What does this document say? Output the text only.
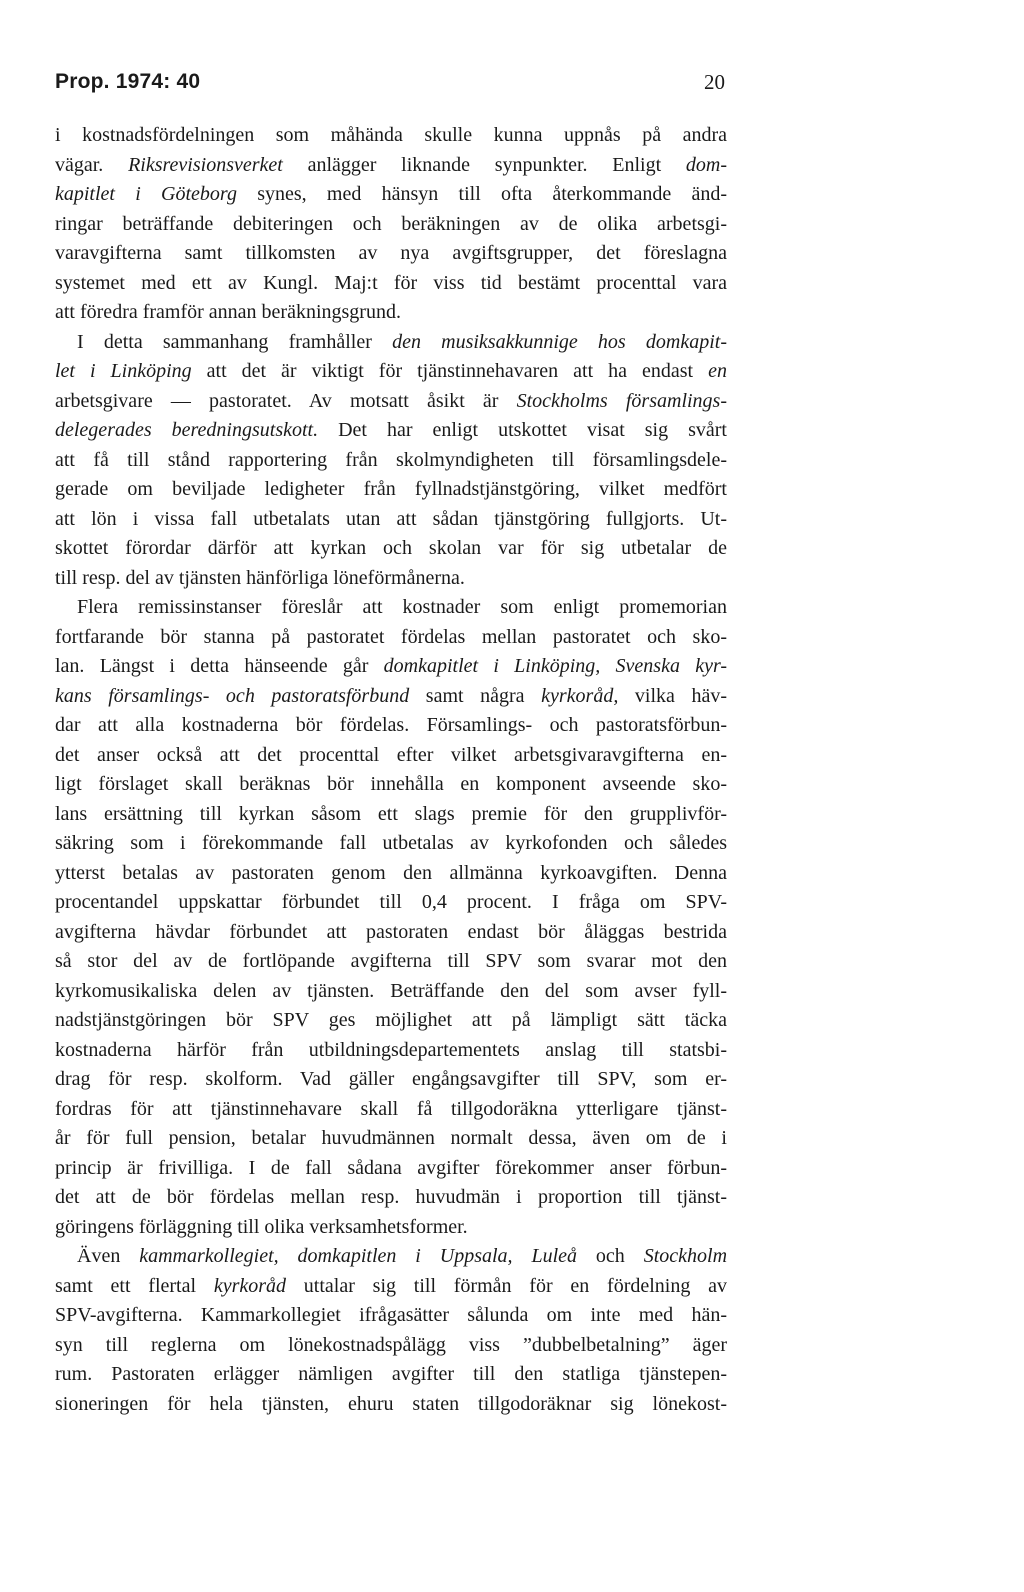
Prop. 1974: 40	20
i kostnadsfördelningen som måhända skulle kunna uppnås på andra
vägar. Riksrevisionsverket anlägger liknande synpunkter. Enligt dom-
kapitlet i Göteborg synes, med hänsyn till ofta återkommande änd-
ringar beträffande debiteringen och beräkningen av de olika arbetsgi-
varavgifterna samt tillkomsten av nya avgiftsgrupper, det föreslagna
systemet med ett av Kungl. Maj:t för viss tid bestämt procenttal vara
att föredra framför annan beräkningsgrund.
I detta sammanhang framhåller den musiksakkunnige hos domkapit-
let i Linköping att det är viktigt för tjänstinnehavaren att ha endast en
arbetsgivare — pastoratet. Av motsatt åsikt är Stockholms församlings-
delegerades beredningsutskott. Det har enligt utskottet visat sig svårt
att få till stånd rapportering från skolmyndigheten till församlingsdele-
gerade om beviljade ledigheter från fyllnadstjänstgöring, vilket medfört
att lön i vissa fall utbetalats utan att sådan tjänstgöring fullgjorts. Ut-
skottet förordar därför att kyrkan och skolan var för sig utbetalar de
till resp. del av tjänsten hänförliga löneförmånerna.
Flera remissinstanser föreslår att kostnader som enligt promemorian
fortfarande bör stanna på pastoratet fördelas mellan pastoratet och sko-
lan. Längst i detta hänseende går domkapitlet i Linköping, Svenska kyr-
kans församlings- och pastoratsförbund samt några kyrkoråd, vilka häv-
dar att alla kostnaderna bör fördelas. Församlings- och pastoratsförbun-
det anser också att det procenttal efter vilket arbetsgivaravgifterna en-
ligt förslaget skall beräknas bör innehålla en komponent avseende sko-
lans ersättning till kyrkan såsom ett slags premie för den grupplivför-
säkring som i förekommande fall utbetalas av kyrkofonden och således
ytterst betalas av pastoraten genom den allmänna kyrkoavgiften. Denna
procentandel uppskattar förbundet till 0,4 procent. I fråga om SPV-
avgifterna hävdar förbundet att pastoraten endast bör åläggas bestrida
så stor del av de fortlöpande avgifterna till SPV som svarar mot den
kyrkomusikaliska delen av tjänsten. Beträffande den del som avser fyll-
nadstjänstgöringen bör SPV ges möjlighet att på lämpligt sätt täcka
kostnaderna härför från utbildningsdepartementets anslag till statsbi-
drag för resp. skolform. Vad gäller engångsavgifter till SPV, som er-
fordras för att tjänstinnehavare skall få tillgodoräkna ytterligare tjänst-
år för full pension, betalar huvudmännen normalt dessa, även om de i
princip är frivilliga. I de fall sådana avgifter förekommer anser förbun-
det att de bör fördelas mellan resp. huvudmän i proportion till tjänst-
göringens förläggning till olika verksamhetsformer.
Även kammarkollegiet, domkapitlen i Uppsala, Luleå och Stockholm
samt ett flertal kyrkoråd uttalar sig till förmån för en fördelning av
SPV-avgifterna. Kammarkollegiet ifrågasätter sålunda om inte med hän-
syn till reglerna om lönekostnadspålägg viss ”dubbelbetalning” äger
rum. Pastoraten erlägger nämligen avgifter till den statliga tjänstepen-
sioneringen för hela tjänsten, ehuru staten tillgodoräknar sig lönekost-
